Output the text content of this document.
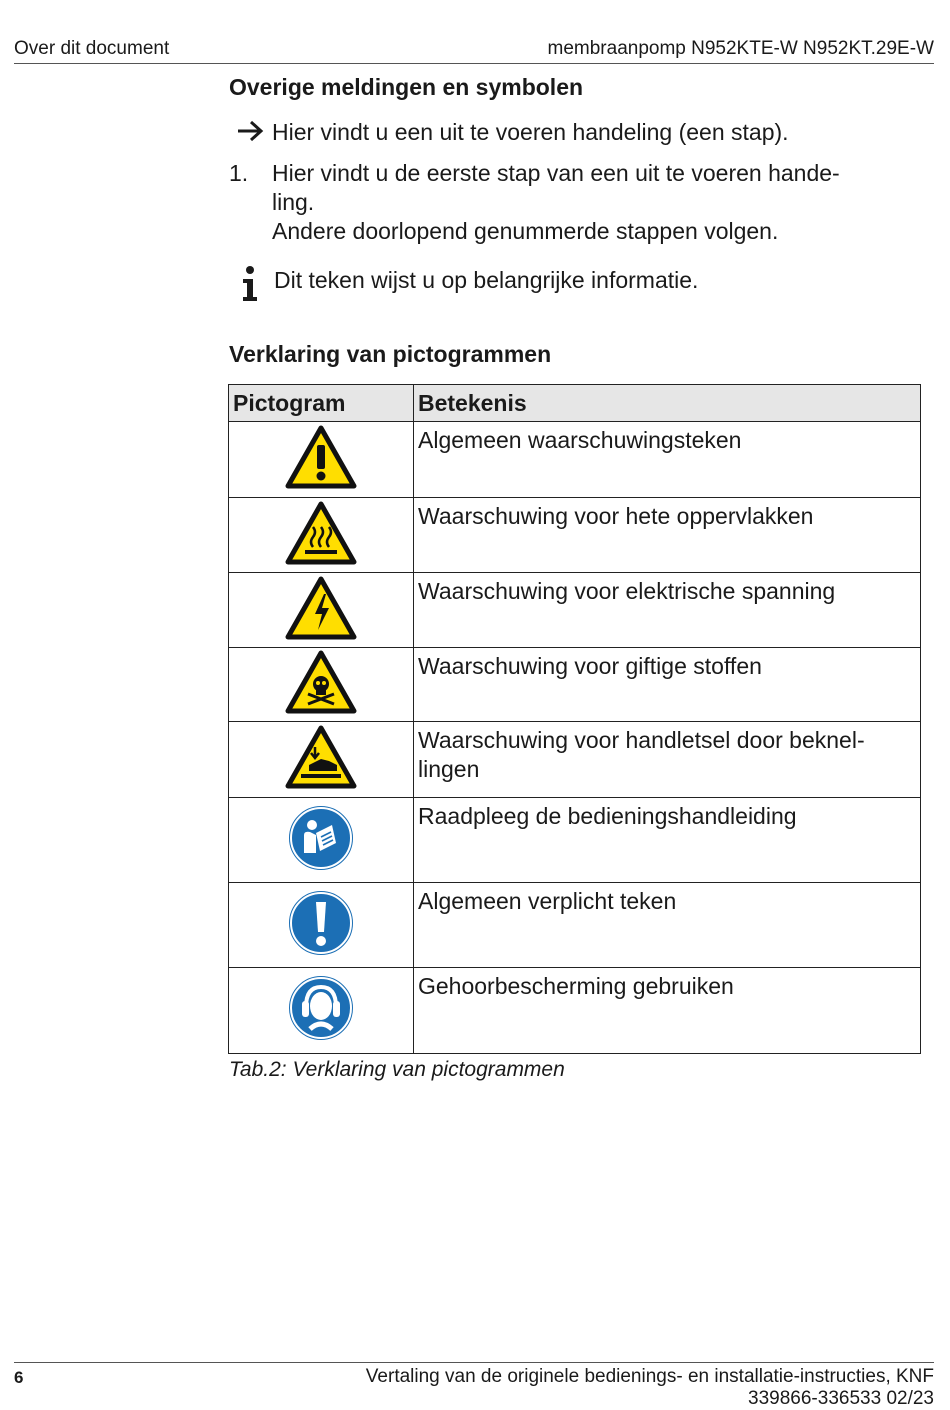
Over dit document	membraanpomp N952KTE-W N952KT.29E-W
Overige meldingen en symbolen
Hier vindt u een uit te voeren handeling (een stap).
1. Hier vindt u de eerste stap van een uit te voeren hande-
ling.
Andere doorlopend genummerde stappen volgen.
Dit teken wijst u op belangrijke informatie.
Verklaring van pictogrammen
Pictogram	Betekenis
	Algemeen waarschuwingsteken
	Waarschuwing voor hete oppervlakken
	Waarschuwing voor elektrische spanning
	Waarschuwing voor giftige stoffen
	Waarschuwing voor handletsel door beknel-​lingen
	Raadpleeg de bedieningshandleiding
	Algemeen verplicht teken
	Gehoorbescherming gebruiken
Tab.2: Verklaring van pictogrammen
6	Vertaling van de originele bedienings- en installatie-instructies, KNF
339866-336533 02/23
